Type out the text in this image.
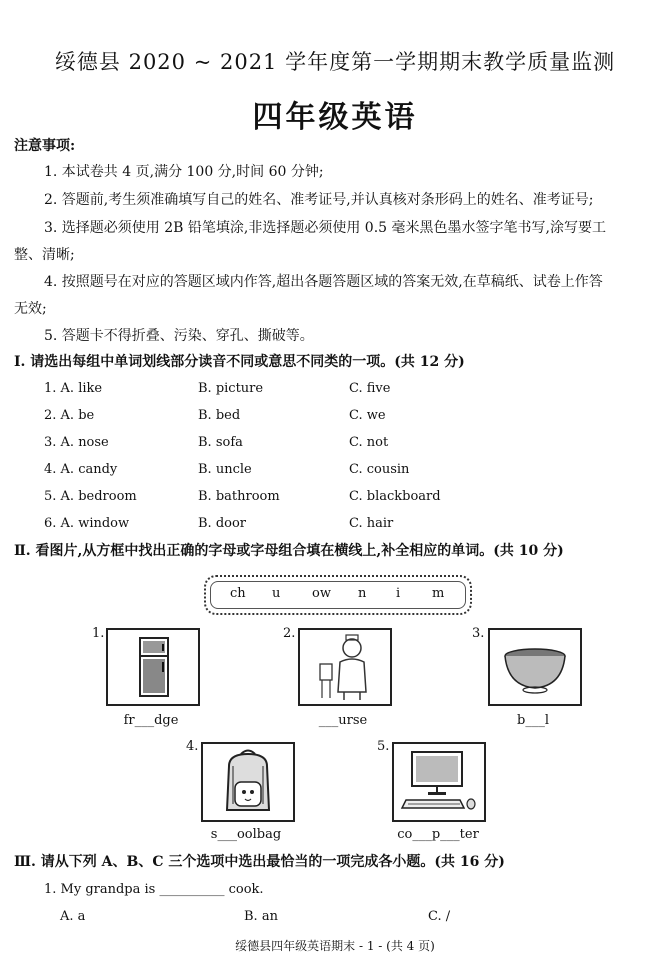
绥德县 2020 ~ 2021 学年度第一学期期末教学质量监测
四年级英语
注意事项:
1. 本试卷共 4 页,满分 100 分,时间 60 分钟;
2. 答题前,考生须准确填写自己的姓名、准考证号,并认真核对条形码上的姓名、准考证号;
3. 选择题必须使用 2B 铅笔填涂,非选择题必须使用 0.5 毫米黑色墨水签字笔书写,涂写要工
整、清晰;
4. 按照题号在对应的答题区域内作答,超出各题答题区域的答案无效,在草稿纸、试卷上作答
无效;
5. 答题卡不得折叠、污染、穿孔、撕破等。
Ⅰ. 请选出每组中单词划线部分读音不同或意思不同类的一项。(共 12 分)
1. A. like	B. picture	C. five
2. A. be	B. bed	C. we
3. A. nose	B. sofa	C. not
4. A. candy	B. uncle	C. cousin
5. A. bedroom	B. bathroom	C. blackboard
6. A. window	B. door	C. hair
Ⅱ. 看图片,从方框中找出正确的字母或字母组合填在横线上,补全相应的单词。(共 10 分)
ch u ow n i m
1.
fr___dge
2.
___urse
3.
b___l
4.
s___oolbag
5.
co___p___ter
Ⅲ. 请从下列 A、B、C 三个选项中选出最恰当的一项完成各小题。(共 16 分)
1. My grandpa is __________ cook.
A. a	B. an	C. /
绥德县四年级英语期末 - 1 - (共 4 页)
